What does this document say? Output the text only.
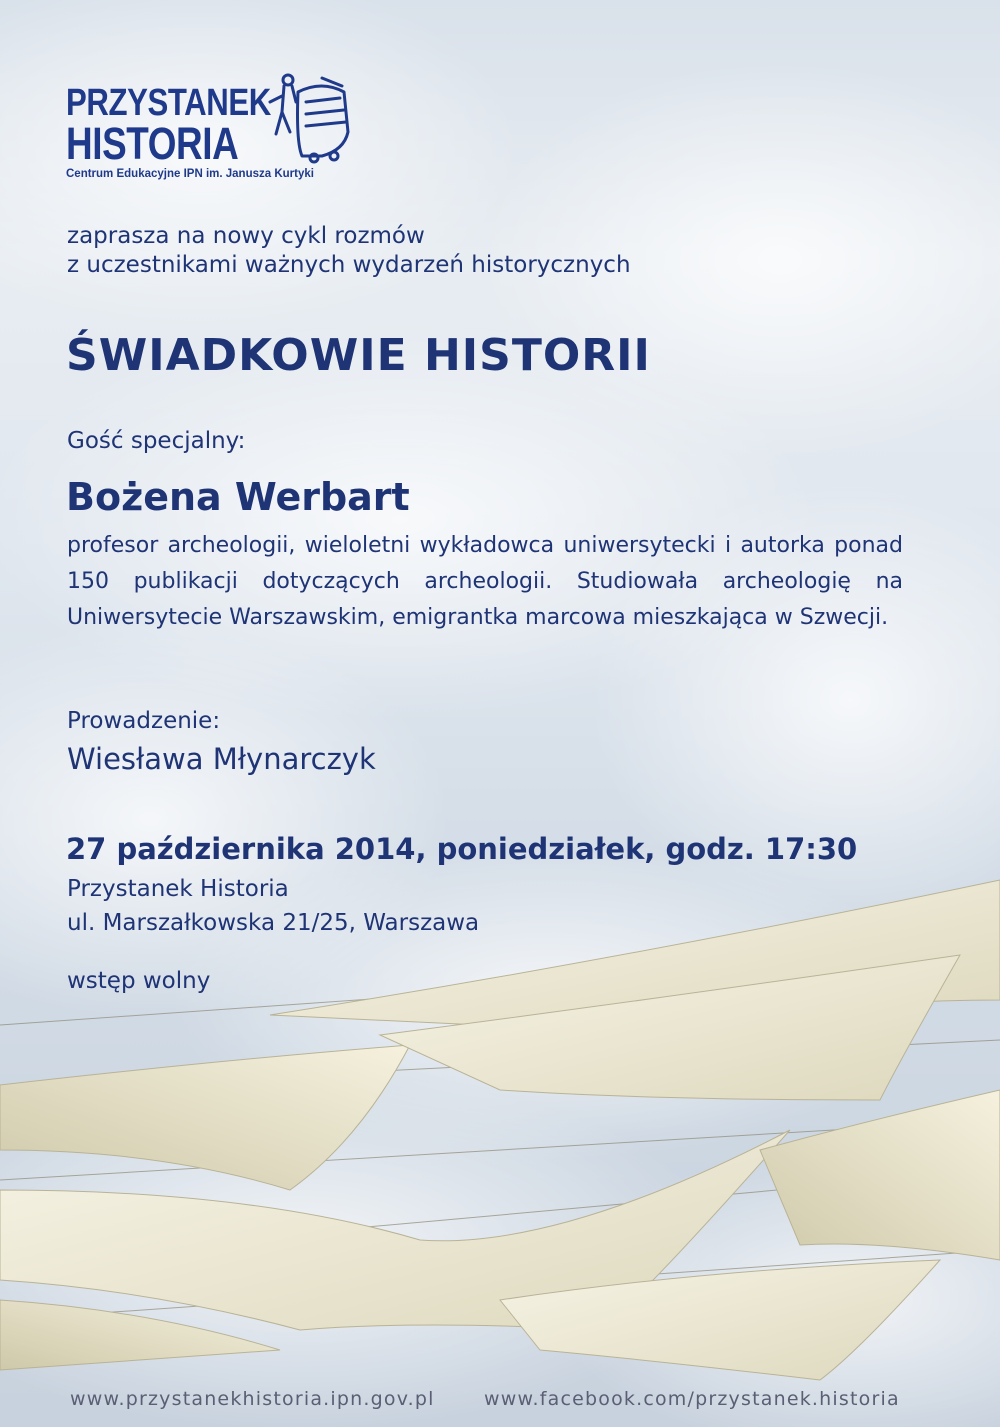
PRZYSTANEK
HISTORIA
Centrum Edukacyjne IPN im. Janusza Kurtyki
zaprasza na nowy cykl rozmów
z uczestnikami ważnych wydarzeń historycznych
ŚWIADKOWIE HISTORII
Gość specjalny:
Bożena Werbart
profesor archeologii, wieloletni wykładowca uniwersytecki i autorka ponad 150 publikacji dotyczących archeologii. Studiowała archeologię na Uniwersytecie Warszawskim, emigrantka marcowa mieszkająca w Szwecji.
Prowadzenie:
Wiesława Młynarczyk
27 października 2014, poniedziałek, godz. 17:30
Przystanek Historia
ul. Marszałkowska 21/25, Warszawa
wstęp wolny
www.przystanekhistoria.ipn.gov.pl	www.facebook.com/przystanek.historia
